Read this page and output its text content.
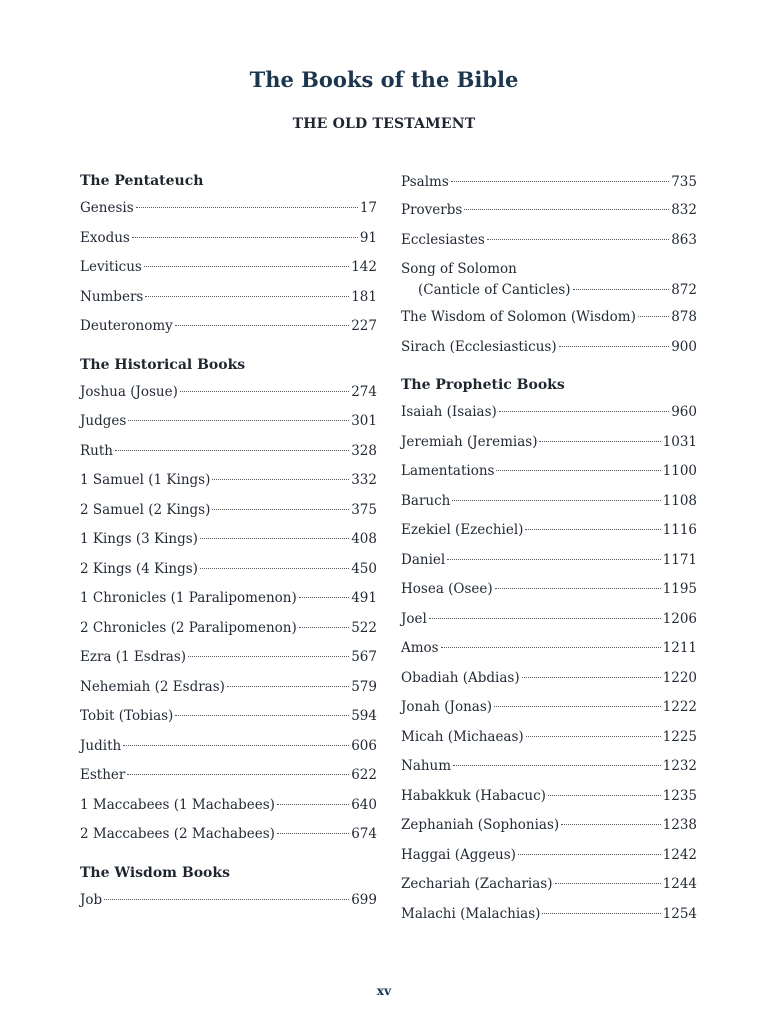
The Books of the Bible
THE OLD TESTAMENT
The Pentateuch
Genesis	17
Exodus	91
Leviticus	142
Numbers	181
Deuteronomy	227
The Historical Books
Joshua (Josue)	274
Judges	301
Ruth	328
1 Samuel (1 Kings)	332
2 Samuel (2 Kings)	375
1 Kings (3 Kings)	408
2 Kings (4 Kings)	450
1 Chronicles (1 Paralipomenon)	491
2 Chronicles (2 Paralipomenon)	522
Ezra (1 Esdras)	567
Nehemiah (2 Esdras)	579
Tobit (Tobias)	594
Judith	606
Esther	622
1 Maccabees (1 Machabees)	640
2 Maccabees (2 Machabees)	674
The Wisdom Books
Job	699
Psalms	735
Proverbs	832
Ecclesiastes	863
Song of Solomon
(Canticle of Canticles)	872
The Wisdom of Solomon (Wisdom)	878
Sirach (Ecclesiasticus)	900
The Prophetic Books
Isaiah (Isaias)	960
Jeremiah (Jeremias)	1031
Lamentations	1100
Baruch	1108
Ezekiel (Ezechiel)	1116
Daniel	1171
Hosea (Osee)	1195
Joel	1206
Amos	1211
Obadiah (Abdias)	1220
Jonah (Jonas)	1222
Micah (Michaeas)	1225
Nahum	1232
Habakkuk (Habacuc)	1235
Zephaniah (Sophonias)	1238
Haggai (Aggeus)	1242
Zechariah (Zacharias)	1244
Malachi (Malachias)	1254
xv
